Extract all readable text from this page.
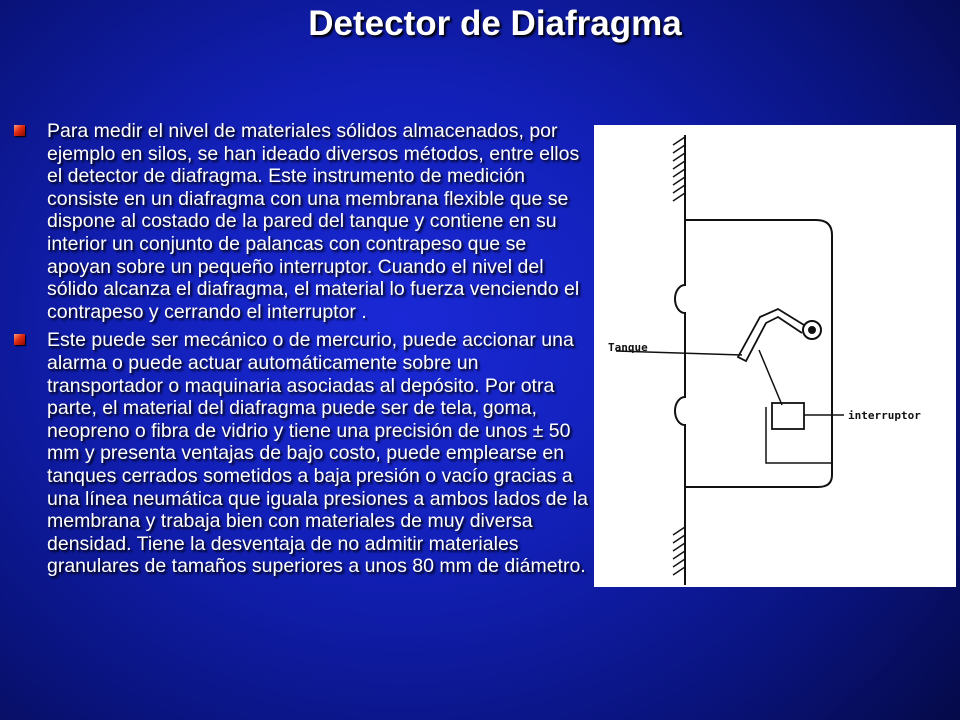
Detector de Diafragma
Para medir el nivel de materiales sólidos almacenados, por ejemplo en silos, se han ideado diversos métodos, entre ellos el detector de diafragma. Este instrumento de medición consiste en un diafragma con una membrana flexible que se dispone al costado de la pared del tanque y contiene en su interior un conjunto de palancas con contrapeso que se apoyan sobre un pequeño interruptor. Cuando el nivel del sólido alcanza el diafragma, el material lo fuerza venciendo el contrapeso y cerrando el interruptor .
Este puede ser mecánico o de mercurio, puede accionar una alarma o puede actuar automáticamente sobre un transportador o maquinaria asociadas al depósito. Por otra parte, el material del diafragma puede ser de tela, goma, neopreno o fibra de vidrio y tiene una precisión de unos ± 50 mm y presenta ventajas de bajo costo, puede emplearse en tanques cerrados sometidos a baja presión o vacío gracias a una línea neumática que iguala presiones a ambos lados de la membrana y trabaja bien con materiales de muy diversa densidad. Tiene la desventaja de no admitir materiales granulares de tamaños superiores a unos 80 mm de diámetro.
Tanque
interruptor
